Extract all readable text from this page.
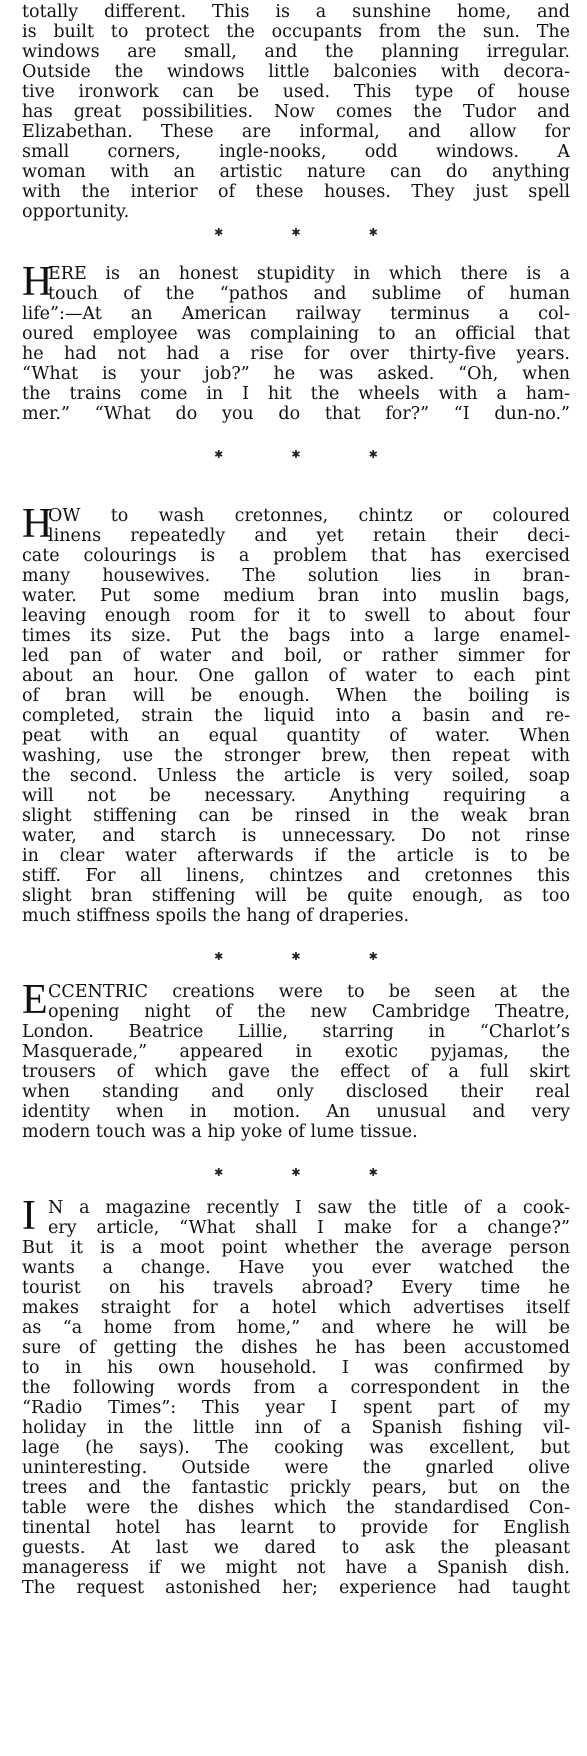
totally different. This is a sunshine home, and
is built to protect the occupants from the sun. The
windows are small, and the planning irregular.
Outside the windows little balconies with decora-
tive ironwork can be used. This type of house
has great possibilities. Now comes the Tudor and
Elizabethan. These are informal, and allow for
small corners, ingle-nooks, odd windows. A
woman with an artistic nature can do anything
with the interior of these houses. They just spell
opportunity.
✱	✱	✱
H
ERE is an honest stupidity in which there is a
touch of the “pathos and sublime of human
life”:—At an American railway terminus a col-
oured employee was complaining to an official that
he had not had a rise for over thirty-five years.
“What is your job?” he was asked. “Oh, when
the trains come in I hit the wheels with a ham-
mer.” “What do you do that for?” “I dun-no.”
✱	✱	✱
H
OW to wash cretonnes, chintz or coloured
linens repeatedly and yet retain their deci-
cate colourings is a problem that has exercised
many housewives. The solution lies in bran-
water. Put some medium bran into muslin bags,
leaving enough room for it to swell to about four
times its size. Put the bags into a large enamel-
led pan of water and boil, or rather simmer for
about an hour. One gallon of water to each pint
of bran will be enough. When the boiling is
completed, strain the liquid into a basin and re-
peat with an equal quantity of water. When
washing, use the stronger brew, then repeat with
the second. Unless the article is very soiled, soap
will not be necessary. Anything requiring a
slight stiffening can be rinsed in the weak bran
water, and starch is unnecessary. Do not rinse
in clear water afterwards if the article is to be
stiff. For all linens, chintzes and cretonnes this
slight bran stiffening will be quite enough, as too
much stiffness spoils the hang of draperies.
✱	✱	✱
E CCENTRIC creations were to be seen at the
opening night of the new Cambridge Theatre,
London. Beatrice Lillie, starring in “Charlot’s
Masquerade,” appeared in exotic pyjamas, the
trousers of which gave the effect of a full skirt
when standing and only disclosed their real
identity when in motion. An unusual and very
modern touch was a hip yoke of lume tissue.
✱	✱	✱
I N a magazine recently I saw the title of a cook-
ery article, “What shall I make for a change?”
But it is a moot point whether the average person
wants a change. Have you ever watched the
tourist on his travels abroad? Every time he
makes straight for a hotel which advertises itself
as “a home from home,” and where he will be
sure of getting the dishes he has been accustomed
to in his own household. I was confirmed by
the following words from a correspondent in the
“Radio Times”: This year I spent part of my
holiday in the little inn of a Spanish fishing vil-
lage (he says). The cooking was excellent, but
uninteresting. Outside were the gnarled olive
trees and the fantastic prickly pears, but on the
table were the dishes which the standardised Con-
tinental hotel has learnt to provide for English
guests. At last we dared to ask the pleasant
manageress if we might not have a Spanish dish.
The request astonished her; experience had taught
